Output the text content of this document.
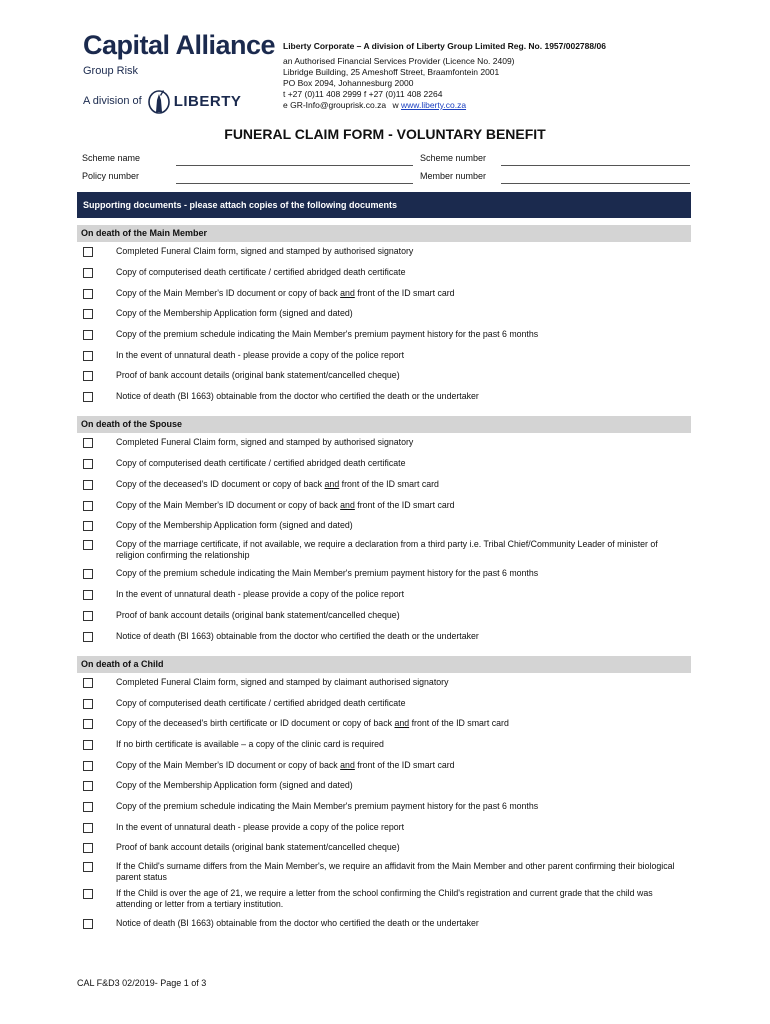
Capital Alliance
Group Risk
A division of LIBERTY
Liberty Corporate – A division of Liberty Group Limited Reg. No. 1957/002788/06
an Authorised Financial Services Provider (Licence No. 2409)
Libridge Building, 25 Ameshoff Street, Braamfontein 2001
PO Box 2094, Johannesburg 2000
t +27 (0)11 408 2999 f +27 (0)11 408 2264
e GR-Info@grouprisk.co.za w www.liberty.co.za
FUNERAL CLAIM FORM - VOLUNTARY BENEFIT
Scheme name	Scheme number
Policy number	Member number
Supporting documents - please attach copies of the following documents
On death of the Main Member
Completed Funeral Claim form, signed and stamped by authorised signatory
Copy of computerised death certificate / certified abridged death certificate
Copy of the Main Member's ID document or copy of back and front of the ID smart card
Copy of the Membership Application form (signed and dated)
Copy of the premium schedule indicating the Main Member's premium payment history for the past 6 months
In the event of unnatural death - please provide a copy of the police report
Proof of bank account details (original bank statement/cancelled cheque)
Notice of death (BI 1663) obtainable from the doctor who certified the death or the undertaker
On death of the Spouse
Completed Funeral Claim form, signed and stamped by authorised signatory
Copy of computerised death certificate / certified abridged death certificate
Copy of the deceased's ID document or copy of back and front of the ID smart card
Copy of the Main Member's ID document or copy of back and front of the ID smart card
Copy of the Membership Application form (signed and dated)
Copy of the marriage certificate, if not available, we require a declaration from a third party i.e. Tribal Chief/Community Leader of minister of religion confirming the relationship
Copy of the premium schedule indicating the Main Member's premium payment history for the past 6 months
In the event of unnatural death - please provide a copy of the police report
Proof of bank account details (original bank statement/cancelled cheque)
Notice of death (BI 1663) obtainable from the doctor who certified the death or the undertaker
On death of a Child
Completed Funeral Claim form, signed and stamped by claimant authorised signatory
Copy of computerised death certificate / certified abridged death certificate
Copy of the deceased's birth certificate or ID document or copy of back and front of the ID smart card
If no birth certificate is available – a copy of the clinic card is required
Copy of the Main Member's ID document or copy of back and front of the ID smart card
Copy of the Membership Application form (signed and dated)
Copy of the premium schedule indicating the Main Member's premium payment history for the past 6 months
In the event of unnatural death - please provide a copy of the police report
Proof of bank account details (original bank statement/cancelled cheque)
If the Child's surname differs from the Main Member's, we require an affidavit from the Main Member and other parent confirming their biological parent status
If the Child is over the age of 21, we require a letter from the school confirming the Child's registration and current grade that the child was attending or letter from a tertiary institution.
Notice of death (BI 1663) obtainable from the doctor who certified the death or the undertaker
CAL F&D3 02/2019- Page 1 of 3
